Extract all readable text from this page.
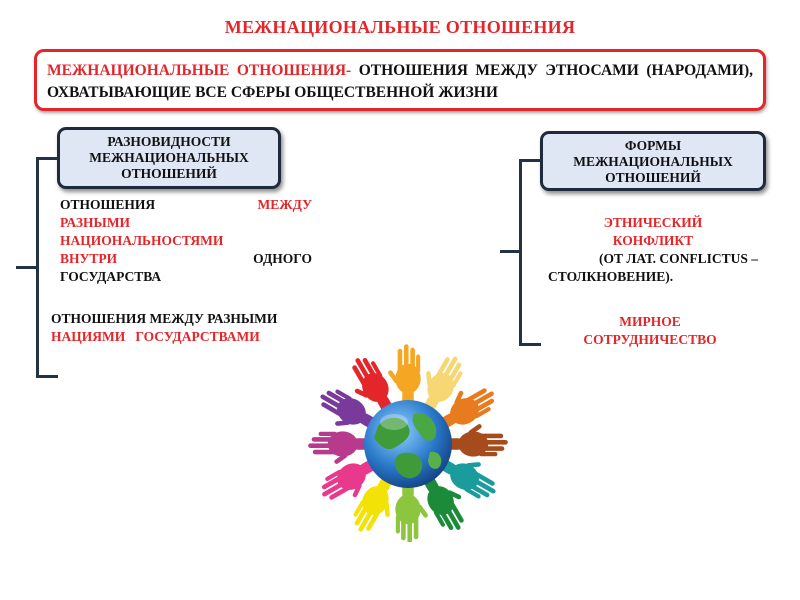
МЕЖНАЦИОНАЛЬНЫЕ ОТНОШЕНИЯ
МЕЖНАЦИОНАЛЬНЫЕ ОТНОШЕНИЯ- ОТНОШЕНИЯ МЕЖДУ ЭТНОСАМИ (НАРОДАМИ), ОХВАТЫВАЮЩИЕ ВСЕ СФЕРЫ ОБЩЕСТВЕННОЙ ЖИЗНИ
РАЗНОВИДНОСТИ
МЕЖНАЦИОНАЛЬНЫХ
ОТНОШЕНИЙ
ОТНОШЕНИЯ	МЕЖДУ
РАЗНЫМИ
НАЦИОНАЛЬНОСТЯМИ
ВНУТРИ	ОДНОГО
ГОСУДАРСТВА
ОТНОШЕНИЯ МЕЖДУ РАЗНЫМИ
НАЦИЯМИ ГОСУДАРСТВАМИ
ФОРМЫ
МЕЖНАЦИОНАЛЬНЫХ
ОТНОШЕНИЙ
ЭТНИЧЕСКИЙ
КОНФЛИКТ
(ОТ ЛАТ. CONFLICTUS –
СТОЛКНОВЕНИЕ).
МИРНОЕ
СОТРУДНИЧЕСТВО
